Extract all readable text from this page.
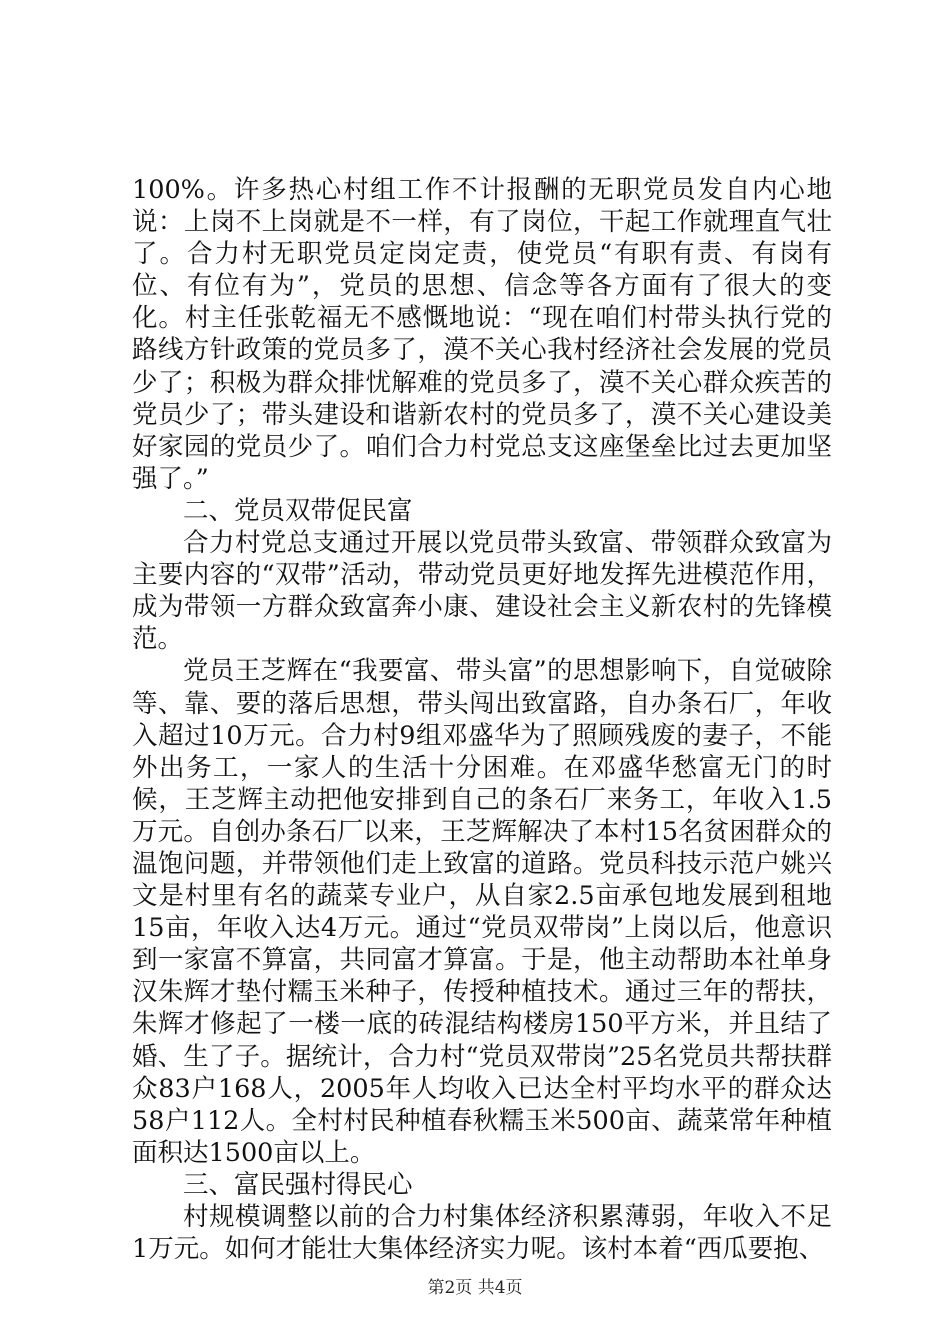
100%。许多热心村组工作不计报酬的无职党员发自内心地说：上岗不上岗就是不一样，有了岗位，干起工作就理直气壮了。合力村无职党员定岗定责，使党员“有职有责、有岗有位、有位有为”，党员的思想、信念等各方面有了很大的变化。村主任张乾福无不感慨地说：“现在咱们村带头执行党的路线方针政策的党员多了，漠不关心我村经济社会发展的党员少了；积极为群众排忧解难的党员多了，漠不关心群众疾苦的党员少了；带头建设和谐新农村的党员多了，漠不关心建设美好家园的党员少了。咱们合力村党总支这座堡垒比过去更加坚强了。”

二、党员双带促民富

合力村党总支通过开展以党员带头致富、带领群众致富为主要内容的“双带”活动，带动党员更好地发挥先进模范作用，成为带领一方群众致富奔小康、建设社会主义新农村的先锋模范。

党员王芝辉在“我要富、带头富”的思想影响下，自觉破除等、靠、要的落后思想，带头闯出致富路，自办条石厂，年收入超过10万元。合力村9组邓盛华为了照顾残废的妻子，不能外出务工，一家人的生活十分困难。在邓盛华愁富无门的时候，王芝辉主动把他安排到自己的条石厂来务工，年收入1.5万元。自创办条石厂以来，王芝辉解决了本村15名贫困群众的温饱问题，并带领他们走上致富的道路。党员科技示范户姚兴文是村里有名的蔬菜专业户，从自家2.5亩承包地发展到租地15亩，年收入达4万元。通过“党员双带岗”上岗以后，他意识到一家富不算富，共同富才算富。于是，他主动帮助本社单身汉朱辉才垫付糯玉米种子，传授种植技术。通过三年的帮扶，朱辉才修起了一楼一底的砖混结构楼房150平方米，并且结了婚、生了子。据统计，合力村“党员双带岗”25名党员共帮扶群众83户168人，2005年人均收入已达全村平均水平的群众达58户112人。全村村民种植春秋糯玉米500亩、蔬菜常年种植面积达1500亩以上。

三、富民强村得民心

村规模调整以前的合力村集体经济积累薄弱，年收入不足1万元。如何才能壮大集体经济实力呢。该村本着“西瓜要抱、

第2页 共4页
